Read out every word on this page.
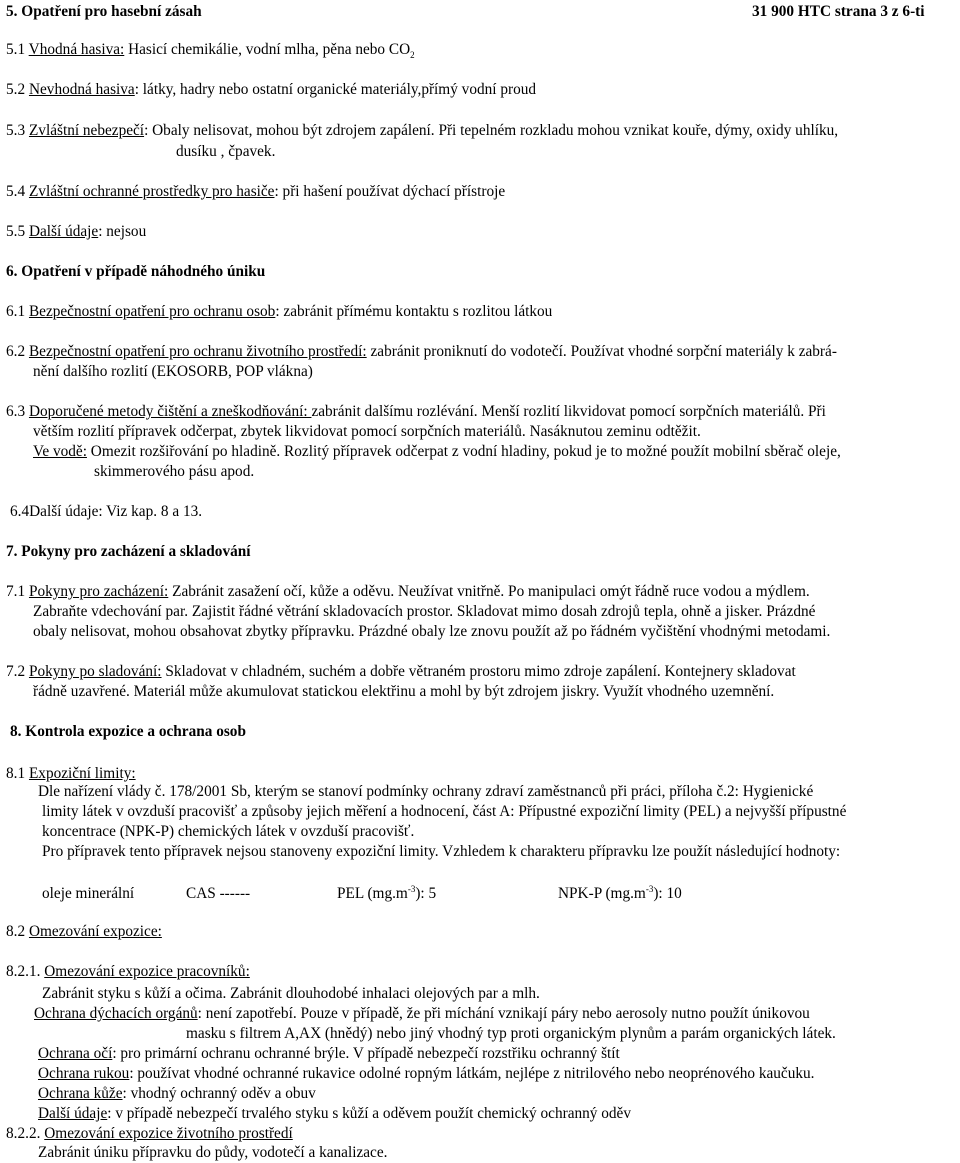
5. Opatření pro hasební zásah	31 900 HTC strana 3 z 6-ti
5.1 Vhodná hasiva: Hasicí chemikálie, vodní mlha, pěna nebo $CO_2$
5.2 Nevhodná hasiva: látky, hadry nebo ostatní organické materiály,přímý vodní proud
5.3 Zvláštní nebezpečí: Obaly nelisovat, mohou být zdrojem zapálení. Při tepelném rozkladu mohou vznikat kouře, dýmy, oxidy uhlíku,
dusíku , čpavek.
5.4 Zvláštní ochranné prostředky pro hasiče: při hašení používat dýchací přístroje
5.5 Další údaje: nejsou
6. Opatření v případě náhodného úniku
6.1 Bezpečnostní opatření pro ochranu osob: zabránit přímému kontaktu s rozlitou látkou
6.2 Bezpečnostní opatření pro ochranu životního prostředí: zabránit proniknutí do vodotečí. Používat vhodné sorpční materiály k zabrá-
nění dalšího rozlití (EKOSORB, POP vlákna)
6.3 Doporučené metody čištění a zneškodňování: zabránit dalšímu rozlévání. Menší rozlití likvidovat pomocí sorpčních materiálů. Při
větším rozlití přípravek odčerpat, zbytek likvidovat pomocí sorpčních materiálů. Nasáknutou zeminu odtěžit.
Ve vodě: Omezit rozšiřování po hladině. Rozlitý přípravek odčerpat z vodní hladiny, pokud je to možné použít mobilní sběrač oleje,
skimmerového pásu apod.
6.4Další údaje: Viz kap. 8 a 13.
7. Pokyny pro zacházení a skladování
7.1 Pokyny pro zacházení: Zabránit zasažení očí, kůže a oděvu. Neužívat vnitřně. Po manipulaci omýt řádně ruce vodou a mýdlem.
Zabraňte vdechování par. Zajistit řádné větrání skladovacích prostor. Skladovat mimo dosah zdrojů tepla, ohně a jisker. Prázdné
obaly nelisovat, mohou obsahovat zbytky přípravku. Prázdné obaly lze znovu použít až po řádném vyčištění vhodnými metodami.
7.2 Pokyny po sladování: Skladovat v chladném, suchém a dobře větraném prostoru mimo zdroje zapálení. Kontejnery skladovat
řádně uzavřené. Materiál může akumulovat statickou elektřinu a mohl by být zdrojem jiskry. Využít vhodného uzemnění.
8. Kontrola expozice a ochrana osob
8.1 Expoziční limity:
Dle nařízení vlády č. 178/2001 Sb, kterým se stanoví podmínky ochrany zdraví zaměstnanců při práci, příloha č.2: Hygienické
limity látek v ovzduší pracovišť a způsoby jejich měření a hodnocení, část A: Přípustné expoziční limity (PEL) a nejvyšší přípustné
koncentrace (NPK-P) chemických látek v ovzduší pracovišť.
Pro přípravek tento přípravek nejsou stanoveny expoziční limity. Vzhledem k charakteru přípravku lze použít následující hodnoty:
oleje minerální	CAS ------	PEL $(mg.m^{-3})$: 5	NPK-P $(mg.m^{-3})$: 10
8.2 Omezování expozice:
8.2.1. Omezování expozice pracovníků:
Zabránit styku s kůží a očima. Zabránit dlouhodobé inhalaci olejových par a mlh.
Ochrana dýchacích orgánů: není zapotřebí. Pouze v případě, že při míchání vznikají páry nebo aerosoly nutno použít únikovou
masku s filtrem A,AX (hnědý) nebo jiný vhodný typ proti organickým plynům a parám organických látek.
Ochrana očí: pro primární ochranu ochranné brýle. V případě nebezpečí rozstřiku ochranný štít
Ochrana rukou: používat vhodné ochranné rukavice odolné ropným látkám, nejlépe z nitrilového nebo neoprénového kaučuku.
Ochrana kůže: vhodný ochranný oděv a obuv
Další údaje: v případě nebezpečí trvalého styku s kůží a oděvem použít chemický ochranný oděv
8.2.2. Omezování expozice životního prostředí
Zabránit úniku přípravku do půdy, vodotečí a kanalizace.
